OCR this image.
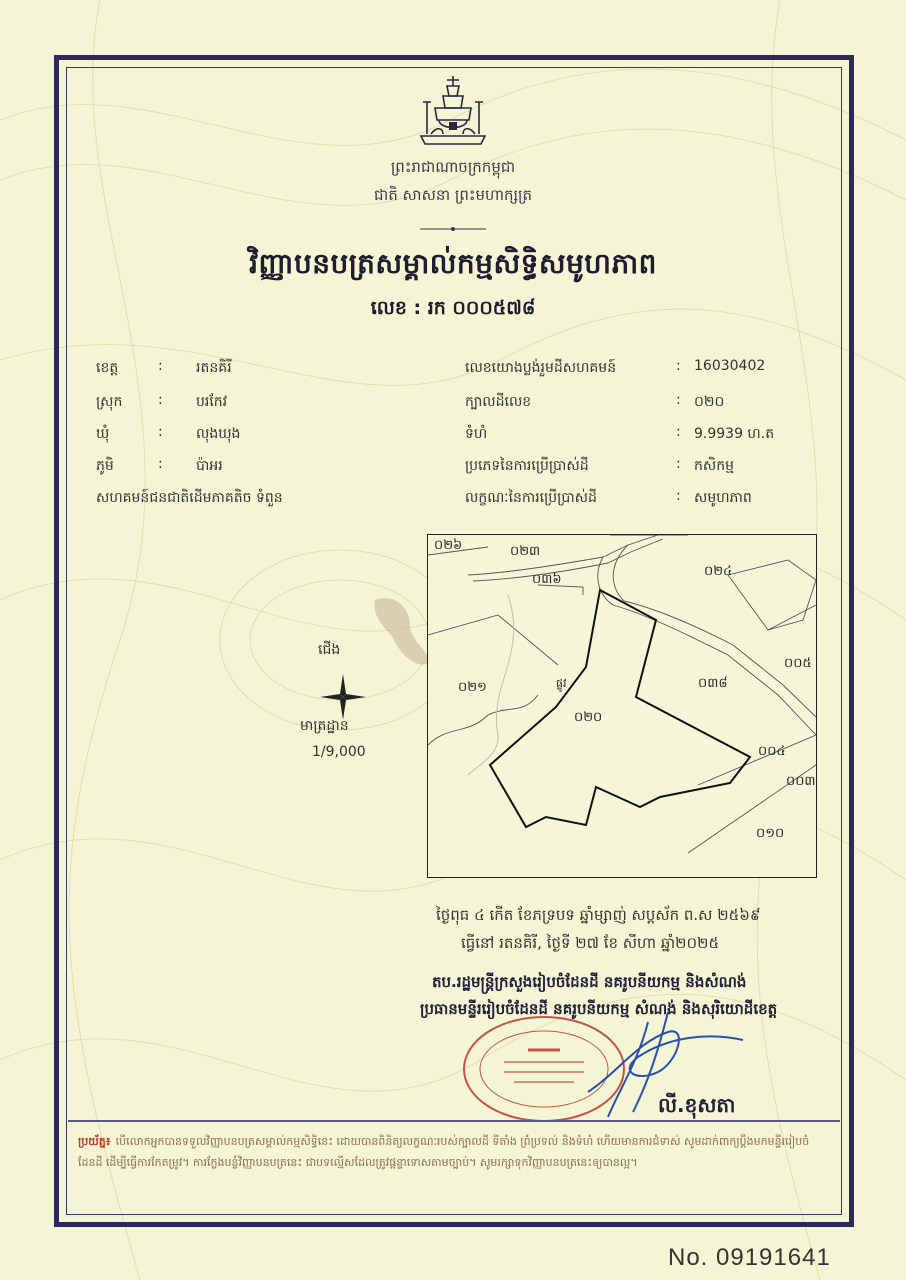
ព្រះរាជាណាចក្រកម្ពុជា
ជាតិ សាសនា ព្រះមហាក្សត្រ
វិញ្ញាបនបត្រសម្គាល់កម្មសិទ្ធិសមូហភាព
លេខ : រក ០០០៥៧៨
ខេត្ត	: រតនគិរី
ស្រុក	: បរកែវ
ឃុំ	: លុងឃុង
ភូមិ	: ប៉ាអរ
សហគមន៍ជនជាតិដើមភាគតិច ទំពួន
លេខយោងប្លង់រួមដីសហគមន៍	: 16030402
ក្បាលដីលេខ	: ០២០
ទំហំ	: 9.9939 ហ.ត
ប្រភេទនៃការប្រើប្រាស់ដី	: កសិកម្ម
លក្ខណៈនៃការប្រើប្រាស់ដី	: សមូហភាព
ជើង
មាត្រដ្ឋាន
1/9,000
០២៦	០២៣
០៣៦
០២៤
០០៥
០២១	០៣៨
០២០
០០៤
០០៣
០១០
ផ្លូវ
ថ្ងៃពុធ ៤ កើត ខែភទ្របទ ឆ្នាំម្សាញ់ សប្តស័ក ព.ស ២៥៦៩
ធ្វើនៅ រតនគិរី, ថ្ងៃទី ២៧ ខែ សីហា ឆ្នាំ២០២៥
តប.រដ្ឋមន្ត្រីក្រសួងរៀបចំដែនដី នគរូបនីយកម្ម និងសំណង់
ប្រធានមន្ទីររៀបចំដែនដី នគរូបនីយកម្ម សំណង់ និងសុរិយោដីខេត្ត
លី.ខុសតា
ប្រយ័ត្ន៖ បើលោកអ្នកបានទទួលវិញ្ញាបនបត្រសម្គាល់កម្មសិទ្ធិនេះ ដោយបានពិនិត្យលក្ខណៈរបស់ក្បាលដី ទីតាំង ព្រំប្រទល់ និងទំហំ ហើយមានការជំទាស់ សូមដាក់ពាក្យប្តឹងមកមន្ទីររៀបចំដែនដី ដើម្បីធ្វើការកែតម្រូវ។ ការក្លែងបន្លំវិញ្ញាបនបត្រនេះ ជាបទល្មើសដែលត្រូវផ្តន្ទាទោសតាមច្បាប់។ សូមរក្សាទុកវិញ្ញាបនបត្រនេះឲ្យបានល្អ។
No. 09191641
